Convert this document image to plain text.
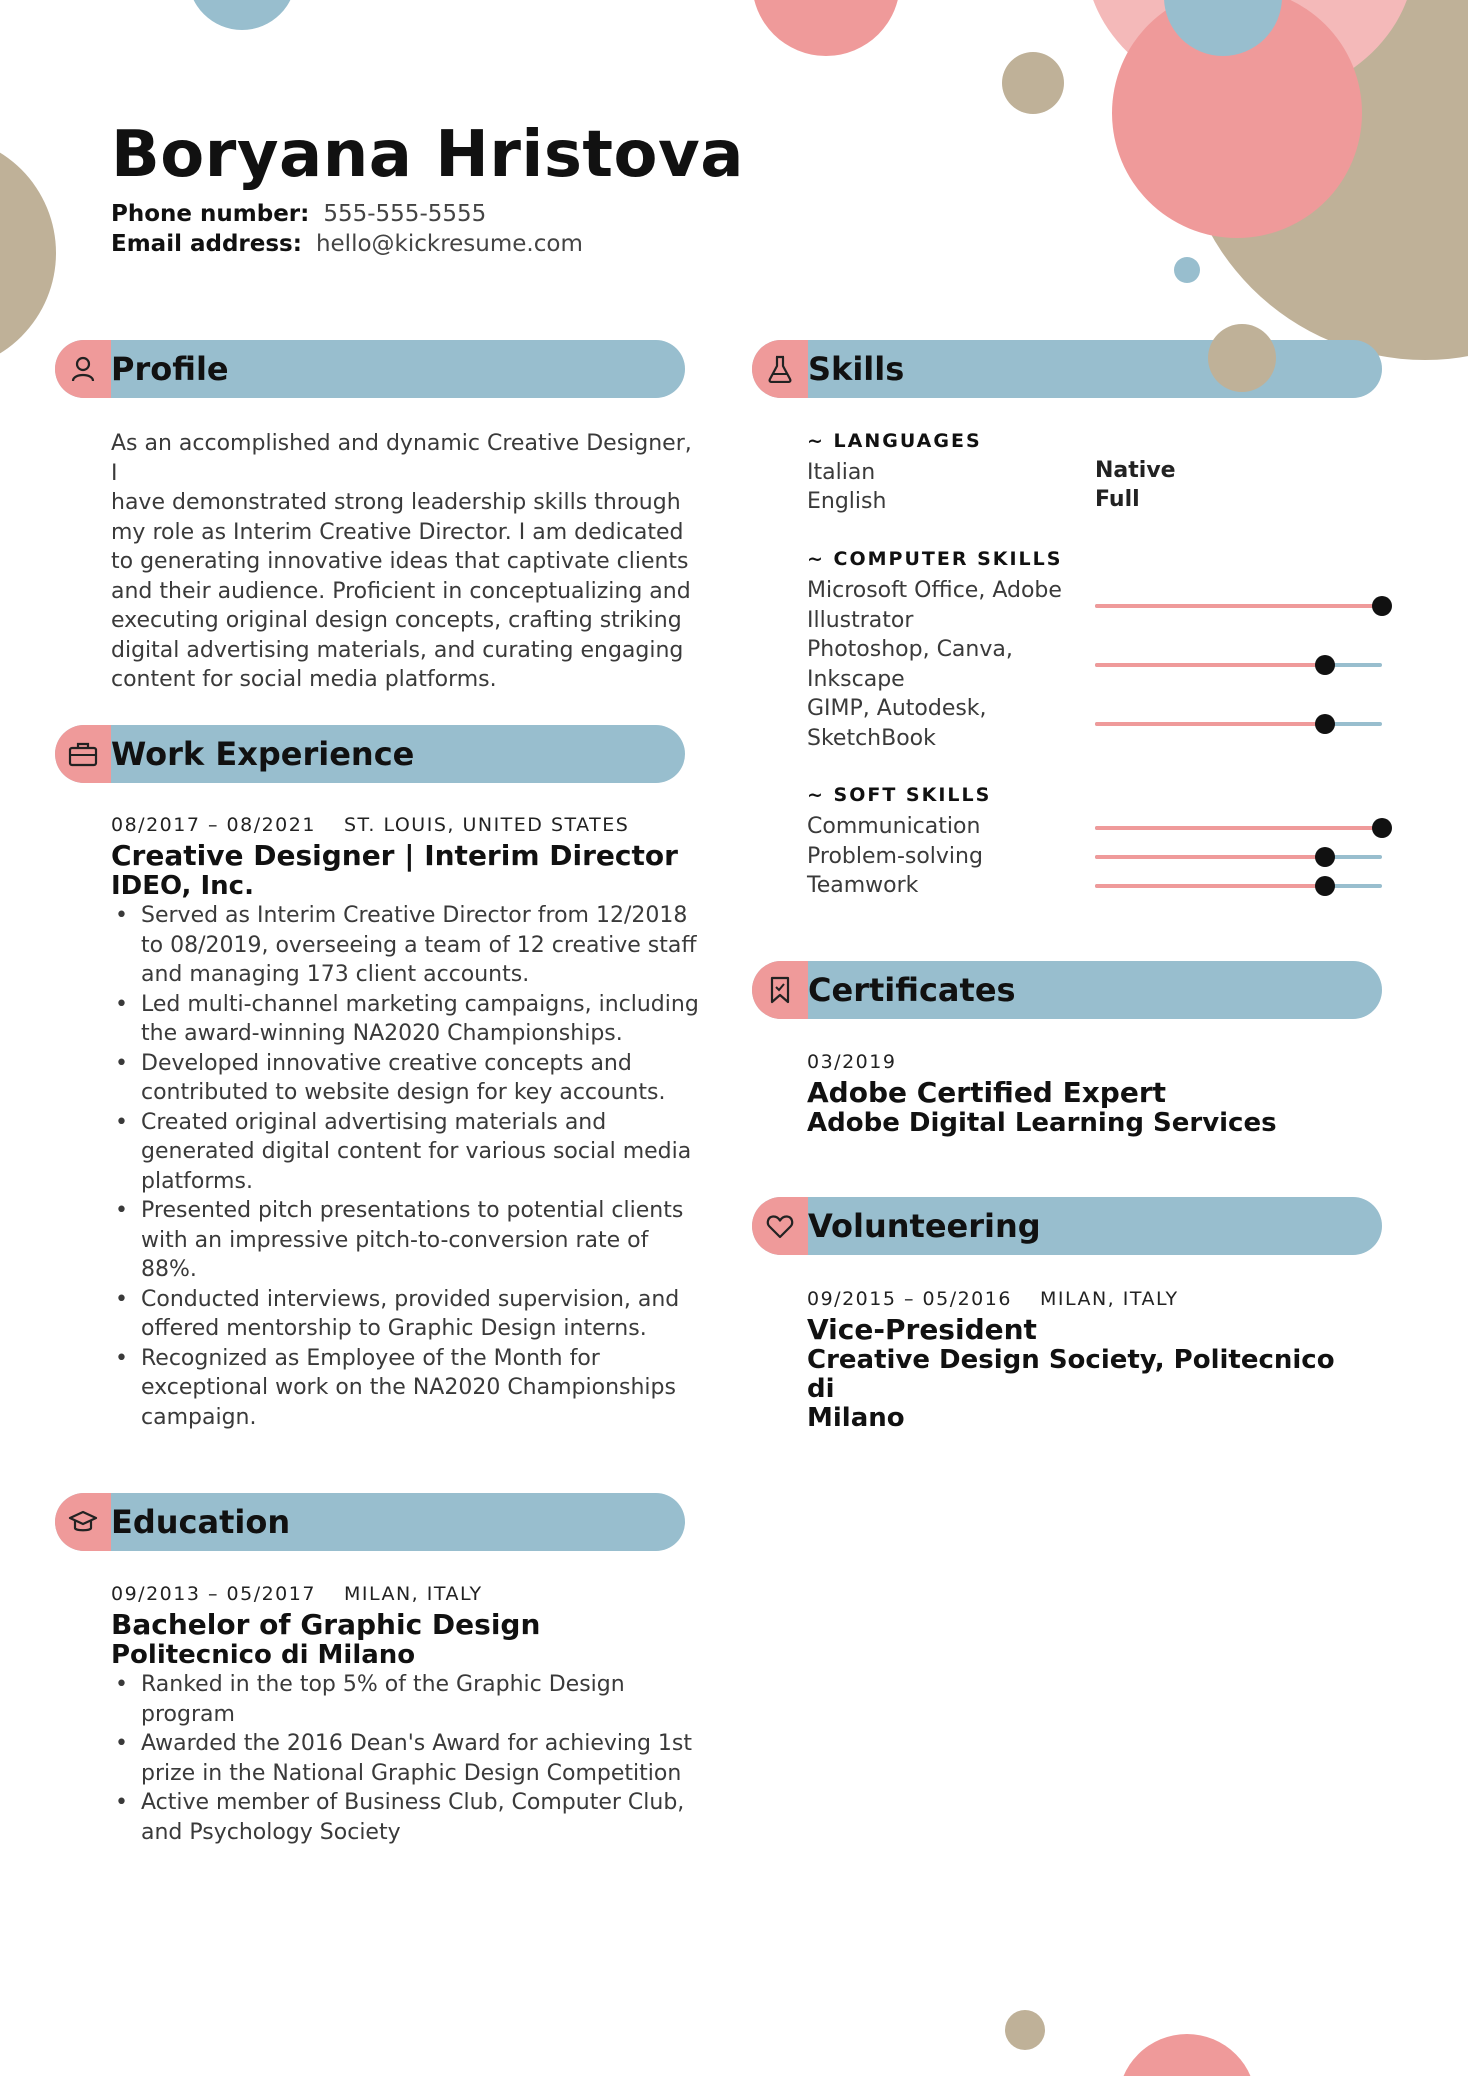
Boryana Hristova
Phone number: 555-555-5555
Email address: hello@kickresume.com
Profile
As an accomplished and dynamic Creative Designer, I
have demonstrated strong leadership skills through
my role as Interim Creative Director. I am dedicated
to generating innovative ideas that captivate clients
and their audience. Proficient in conceptualizing and
executing original design concepts, crafting striking
digital advertising materials, and curating engaging
content for social media platforms.
Work Experience
08/2017 – 08/2021 ST. LOUIS, UNITED STATES
Creative Designer | Interim Director
IDEO, Inc.
• Served as Interim Creative Director from 12/2018 to 08/2019, overseeing a team of 12 creative staff and managing 173 client accounts.
• Led multi-channel marketing campaigns, including the award-winning NA2020 Championships.
• Developed innovative creative concepts and contributed to website design for key accounts.
• Created original advertising materials and generated digital content for various social media platforms.
• Presented pitch presentations to potential clients with an impressive pitch-to-conversion rate of 88%.
• Conducted interviews, provided supervision, and offered mentorship to Graphic Design interns.
• Recognized as Employee of the Month for exceptional work on the NA2020 Championships campaign.
Education
09/2013 – 05/2017 MILAN, ITALY
Bachelor of Graphic Design
Politecnico di Milano
• Ranked in the top 5% of the Graphic Design program
• Awarded the 2016 Dean's Award for achieving 1st prize in the National Graphic Design Competition
• Active member of Business Club, Computer Club, and Psychology Society
Skills
~ LANGUAGES
Italian	Native
English	Full
~ COMPUTER SKILLS
Microsoft Office, Adobe
Illustrator
Photoshop, Canva,
Inkscape
GIMP, Autodesk,
SketchBook
~ SOFT SKILLS
Communication
Problem-solving
Teamwork
Certificates
03/2019
Adobe Certified Expert
Adobe Digital Learning Services
Volunteering
09/2015 – 05/2016 MILAN, ITALY
Vice-President
Creative Design Society, Politecnico di
Milano
